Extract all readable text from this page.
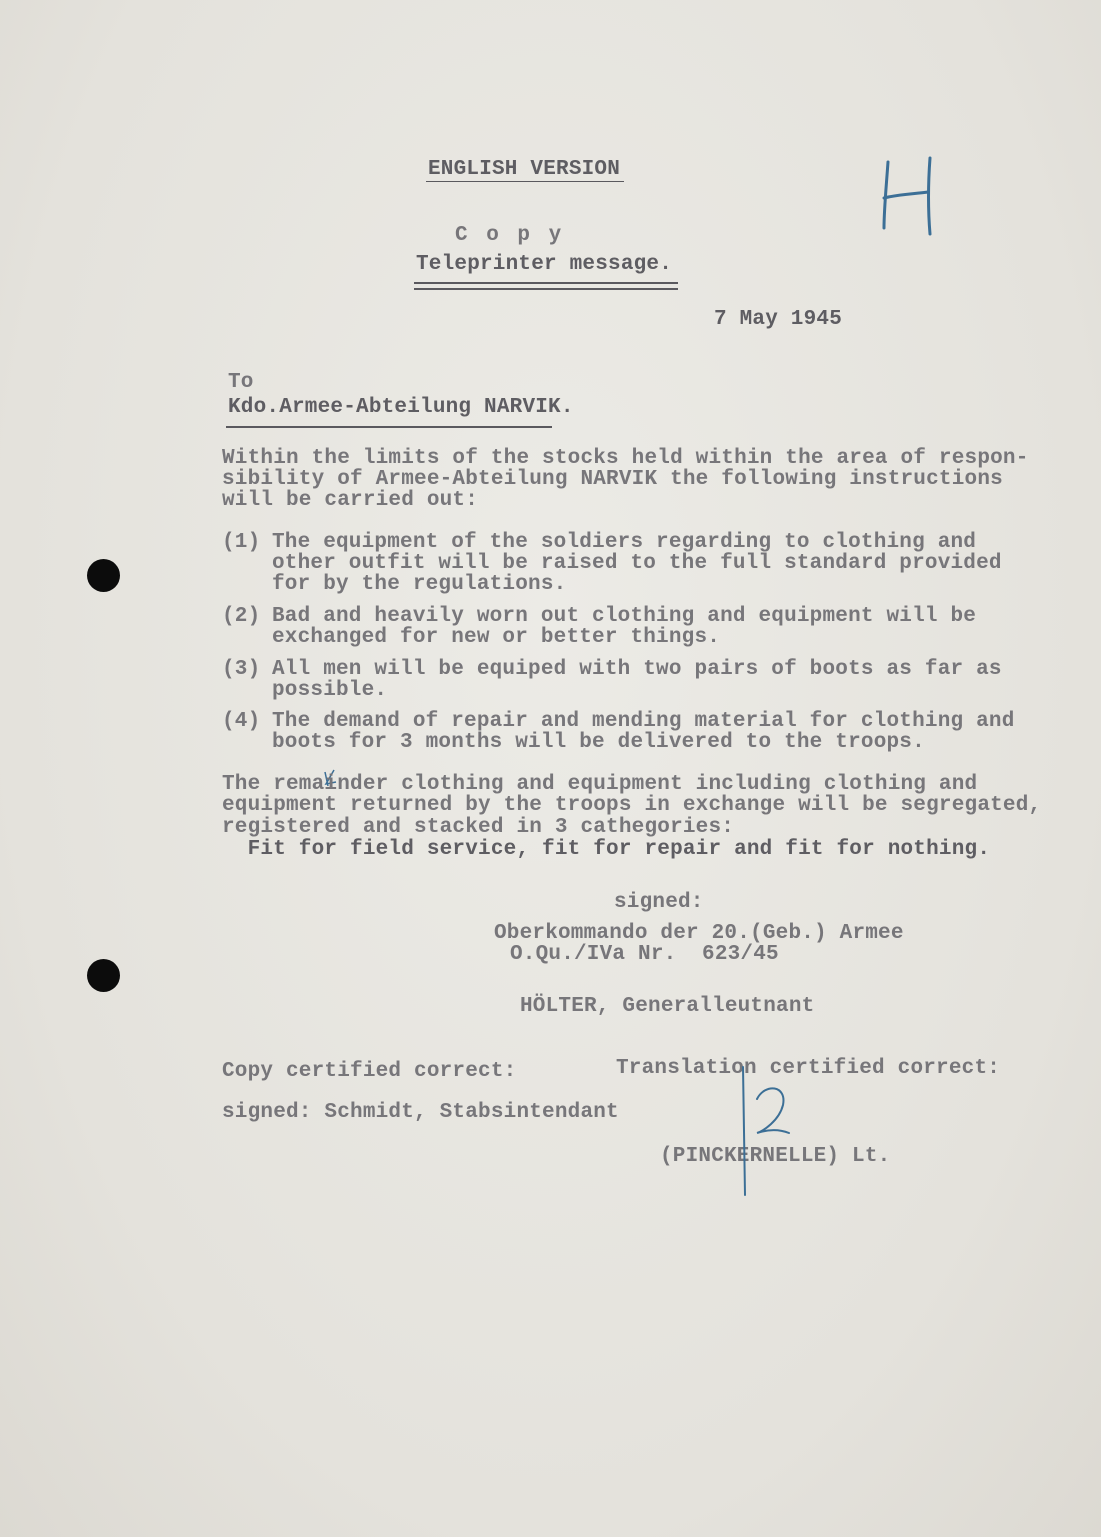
ENGLISH VERSION
C o p y
Teleprinter message.
7 May 1945
To
Kdo.Armee-Abteilung NARVIK.
Within the limits of the stocks held within the area of respon-
sibility of Armee-Abteilung NARVIK the following instructions
will be carried out:
(1) The equipment of the soldiers regarding to clothing and
other outfit will be raised to the full standard provided
for by the regulations.
(2) Bad and heavily worn out clothing and equipment will be
exchanged for new or better things.
(3) All men will be equiped with two pairs of boots as far as
possible.
(4) The demand of repair and mending material for clothing and
boots for 3 months will be delivered to the troops.
The remainder clothing and equipment including clothing and
equipment returned by the troops in exchange will be segregated,
registered and stacked in 3 cathegories:
Fit for field service, fit for repair and fit for nothing.
signed:
Oberkommando der 20.(Geb.) Armee
O.Qu./IVa Nr.  623/45
HÖLTER, Generalleutnant
Copy certified correct:	Translation certified correct:
signed: Schmidt, Stabsintendant
(PINCKERNELLE) Lt.
